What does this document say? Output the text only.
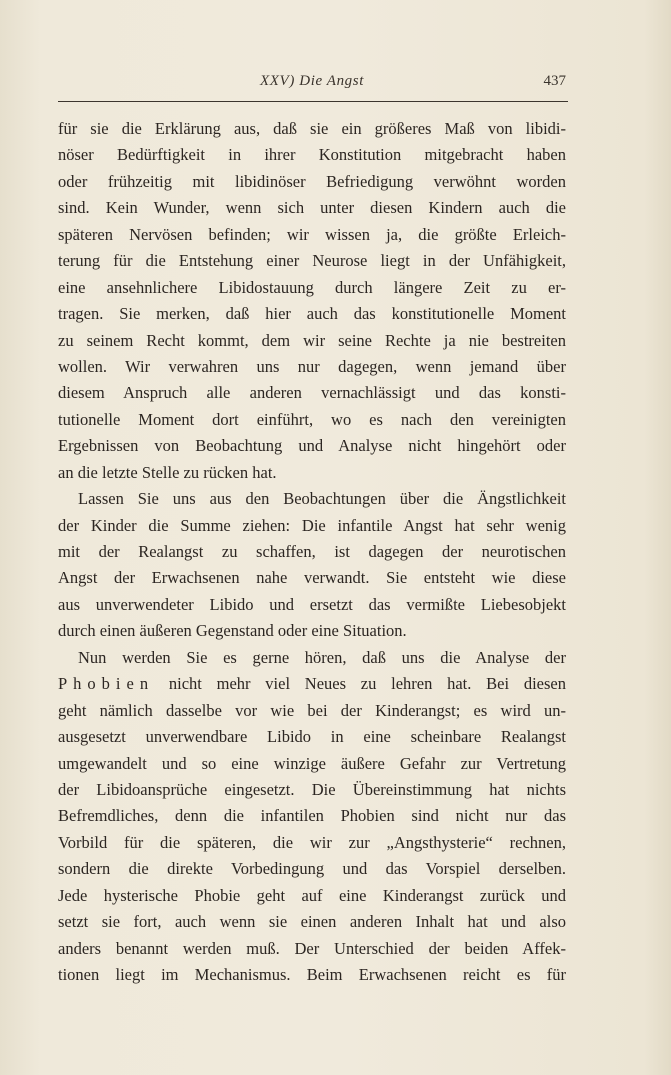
XXV) Die Angst	437
für sie die Erklärung aus, daß sie ein größeres Maß von libidi-
nöser Bedürftigkeit in ihrer Konstitution mitgebracht haben
oder frühzeitig mit libidinöser Befriedigung verwöhnt worden
sind. Kein Wunder, wenn sich unter diesen Kindern auch die
späteren Nervösen befinden; wir wissen ja, die größte Erleich-
terung für die Entstehung einer Neurose liegt in der Unfähigkeit,
eine ansehnlichere Libidostauung durch längere Zeit zu er-
tragen. Sie merken, daß hier auch das konstitutionelle Moment
zu seinem Recht kommt, dem wir seine Rechte ja nie bestreiten
wollen. Wir verwahren uns nur dagegen, wenn jemand über
diesem Anspruch alle anderen vernachlässigt und das konsti-
tutionelle Moment dort einführt, wo es nach den vereinigten
Ergebnissen von Beobachtung und Analyse nicht hingehört oder
an die letzte Stelle zu rücken hat.
Lassen Sie uns aus den Beobachtungen über die Ängstlichkeit
der Kinder die Summe ziehen: Die infantile Angst hat sehr wenig
mit der Realangst zu schaffen, ist dagegen der neurotischen
Angst der Erwachsenen nahe verwandt. Sie entsteht wie diese
aus unverwendeter Libido und ersetzt das vermißte Liebesobjekt
durch einen äußeren Gegenstand oder eine Situation.
Nun werden Sie es gerne hören, daß uns die Analyse der
Phobien nicht mehr viel Neues zu lehren hat. Bei diesen
geht nämlich dasselbe vor wie bei der Kinderangst; es wird un-
ausgesetzt unverwendbare Libido in eine scheinbare Realangst
umgewandelt und so eine winzige äußere Gefahr zur Vertretung
der Libidoansprüche eingesetzt. Die Übereinstimmung hat nichts
Befremdliches, denn die infantilen Phobien sind nicht nur das
Vorbild für die späteren, die wir zur „Angsthysterie“ rechnen,
sondern die direkte Vorbedingung und das Vorspiel derselben.
Jede hysterische Phobie geht auf eine Kinderangst zurück und
setzt sie fort, auch wenn sie einen anderen Inhalt hat und also
anders benannt werden muß. Der Unterschied der beiden Affek-
tionen liegt im Mechanismus. Beim Erwachsenen reicht es für
